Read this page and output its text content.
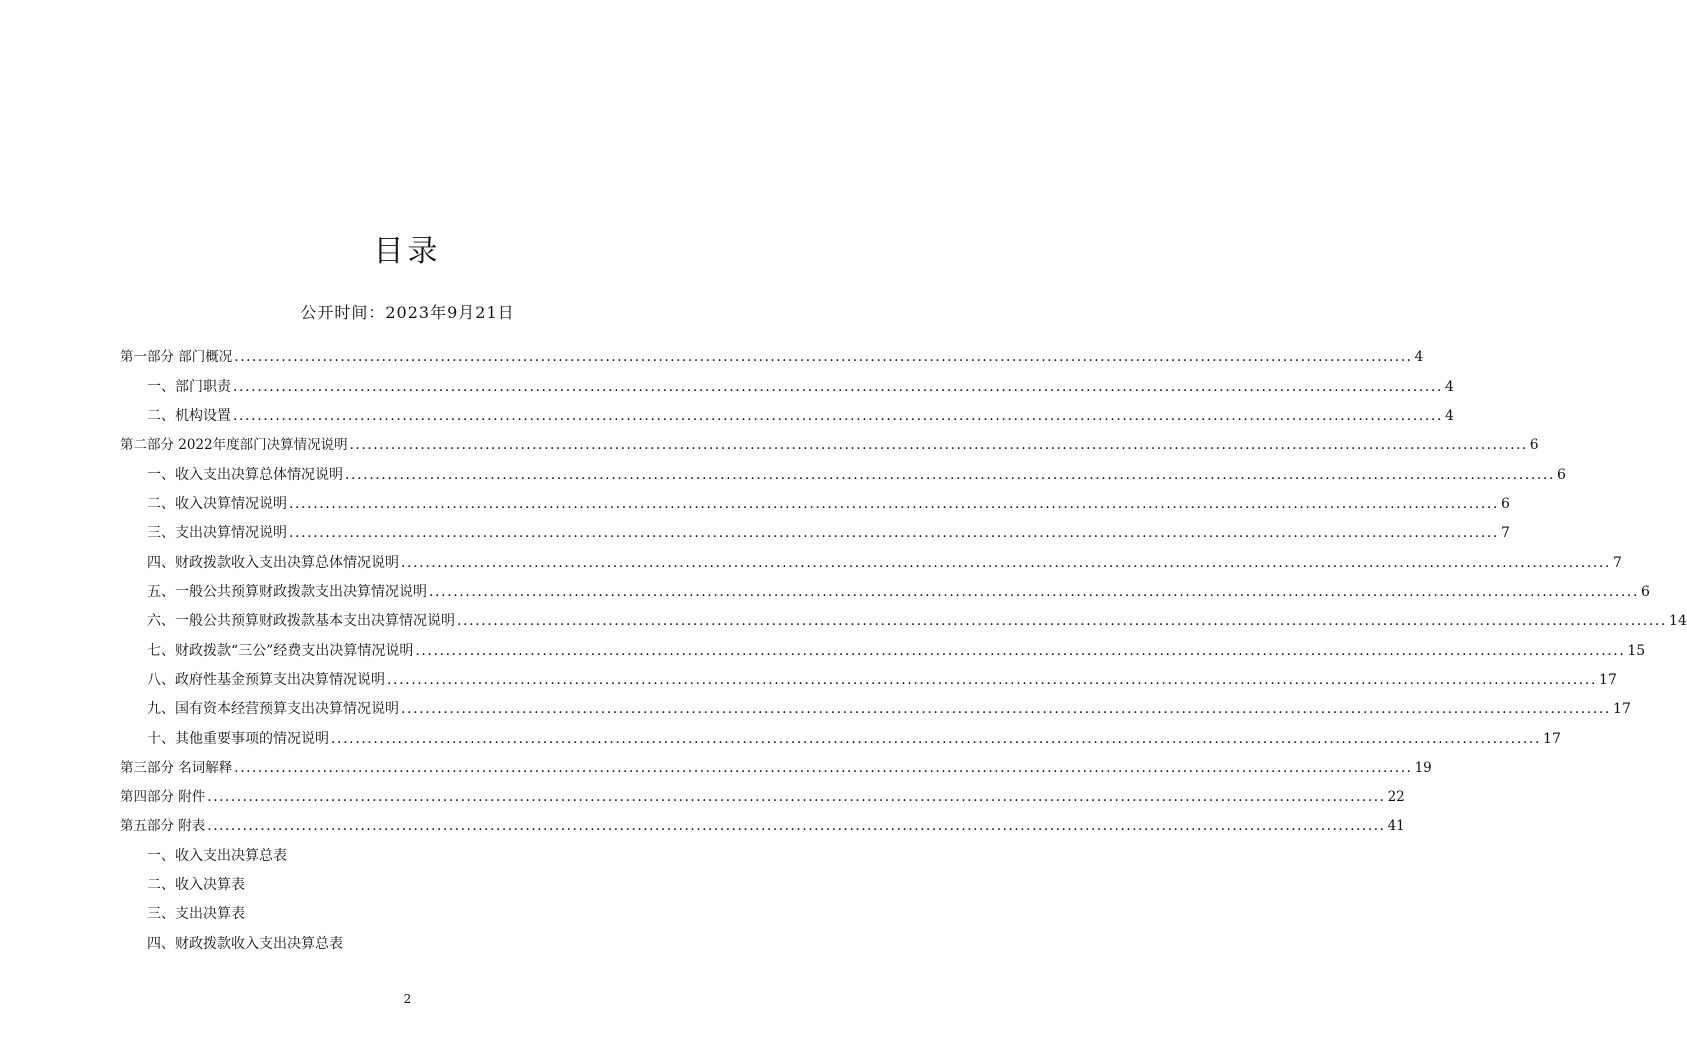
目录
公开时间：2023年9月21日
第一部分 部门概况 ........................................................................................................................................................................................................ 4
一、部门职责 ........................................................................................................................................................................................................ 4
二、机构设置 ........................................................................................................................................................................................................ 4
第二部分 2022年度部门决算情况说明 ........................................................................................................................................................................................................ 6
一、收入支出决算总体情况说明 ........................................................................................................................................................................................................ 6
二、收入决算情况说明 ........................................................................................................................................................................................................ 6
三、支出决算情况说明 ........................................................................................................................................................................................................ 7
四、财政拨款收入支出决算总体情况说明 ........................................................................................................................................................................................................ 7
五、一般公共预算财政拨款支出决算情况说明 ........................................................................................................................................................................................................ 6
六、一般公共预算财政拨款基本支出决算情况说明 ........................................................................................................................................................................................................ 14
七、财政拨款“三公”经费支出决算情况说明 ........................................................................................................................................................................................................ 15
八、政府性基金预算支出决算情况说明 ........................................................................................................................................................................................................ 17
九、国有资本经营预算支出决算情况说明 ........................................................................................................................................................................................................ 17
十、其他重要事项的情况说明 ........................................................................................................................................................................................................ 17
第三部分 名词解释 ........................................................................................................................................................................................................ 19
第四部分 附件 ........................................................................................................................................................................................................ 22
第五部分 附表 ........................................................................................................................................................................................................ 41
一、收入支出决算总表
二、收入决算表
三、支出决算表
四、财政拨款收入支出决算总表
2
